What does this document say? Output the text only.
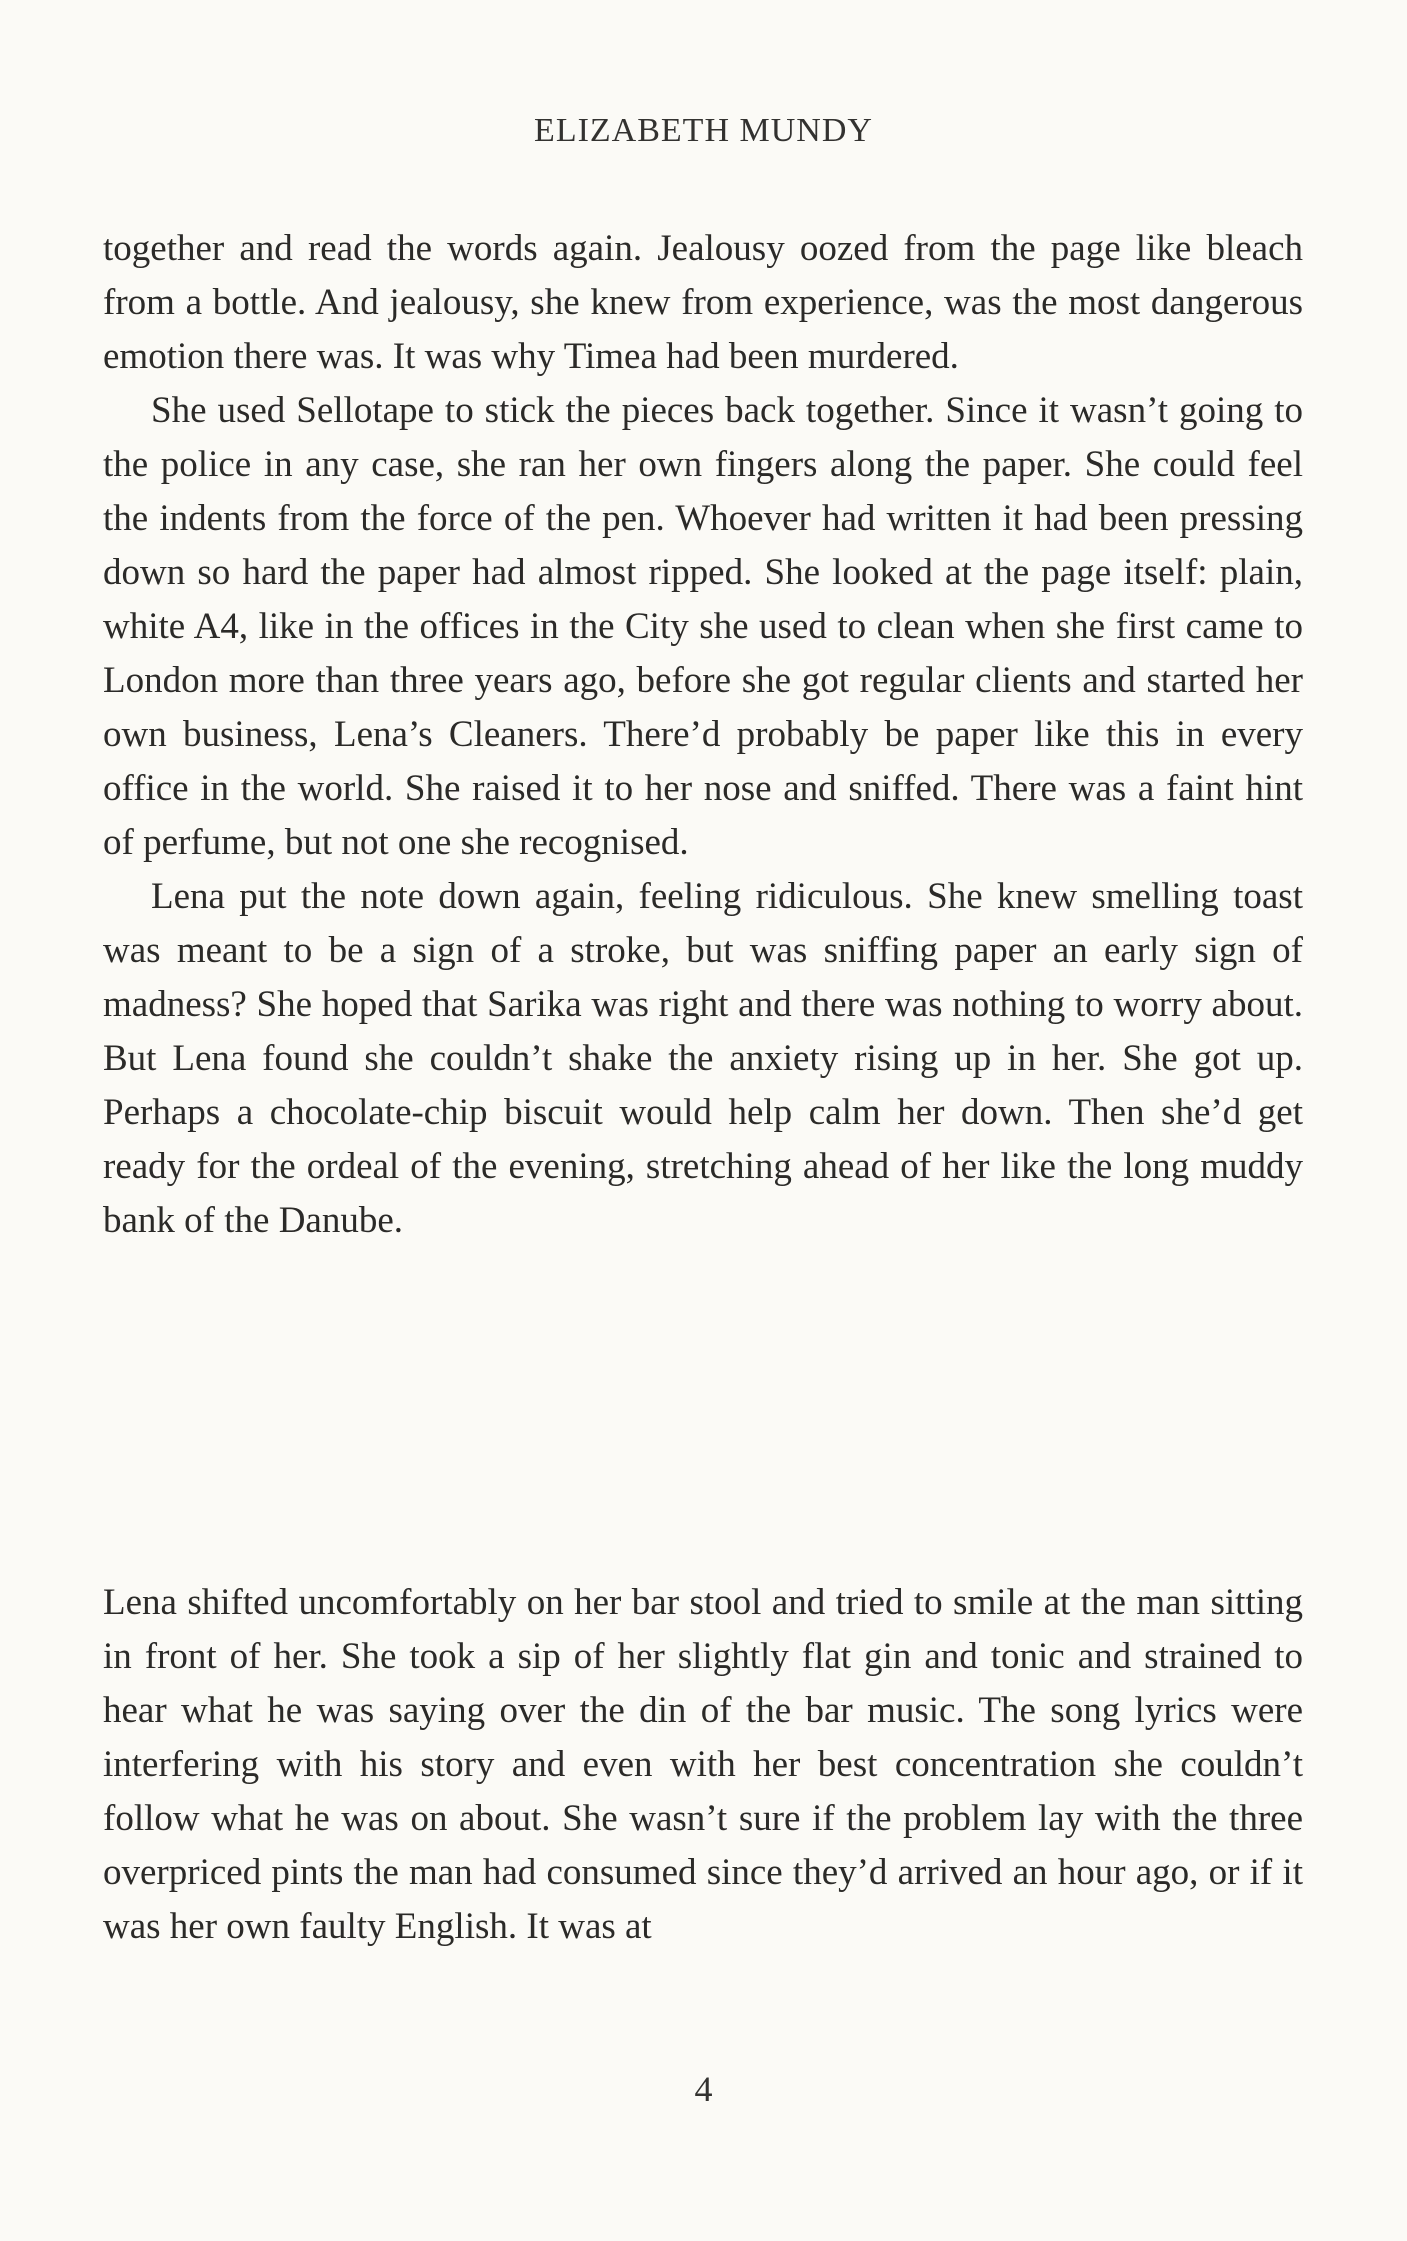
ELIZABETH MUNDY

together and read the words again. Jealousy oozed from the page like bleach from a bottle. And jealousy, she knew from experience, was the most dangerous emotion there was. It was why Timea had been murdered.

She used Sellotape to stick the pieces back together. Since it wasn’t going to the police in any case, she ran her own fingers along the paper. She could feel the indents from the force of the pen. Whoever had written it had been pressing down so hard the paper had almost ripped. She looked at the page itself: plain, white A4, like in the offices in the City she used to clean when she first came to London more than three years ago, before she got regular clients and started her own business, Lena’s Cleaners. There’d probably be paper like this in every office in the world. She raised it to her nose and sniffed. There was a faint hint of perfume, but not one she recognised.

Lena put the note down again, feeling ridiculous. She knew smelling toast was meant to be a sign of a stroke, but was sniffing paper an early sign of madness? She hoped that Sarika was right and there was nothing to worry about. But Lena found she couldn’t shake the anxiety rising up in her. She got up. Perhaps a chocolate-chip biscuit would help calm her down. Then she’d get ready for the ordeal of the evening, stretching ahead of her like the long muddy bank of the Danube.

Lena shifted uncomfortably on her bar stool and tried to smile at the man sitting in front of her. She took a sip of her slightly flat gin and tonic and strained to hear what he was saying over the din of the bar music. The song lyrics were interfering with his story and even with her best concentration she couldn’t follow what he was on about. She wasn’t sure if the problem lay with the three overpriced pints the man had consumed since they’d arrived an hour ago, or if it was her own faulty English. It was at

4
